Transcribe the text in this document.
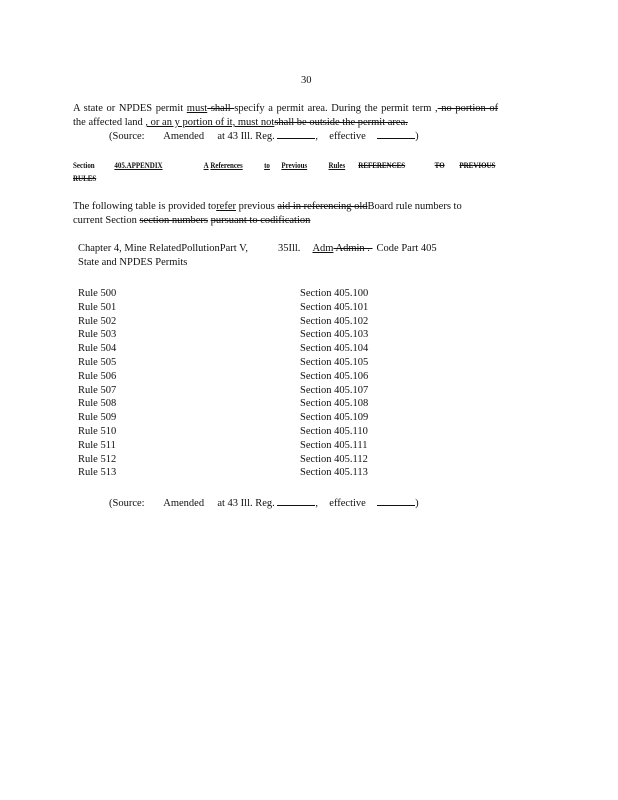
30
A state or NPDES permit must shall specify a permit area. During the permit term , no portion of
the affected land , or an y portion of it, must notshall be outside the permit area.
(Source: Amended at 43 Ill. Reg.	, effective	)
Section 405.APPENDIX	A References	to Previous	Rules REFERENCES	TO PREVIOUS
RULES
The following table is provided torefer previous aid in referencing oldBoard rule numbers to
current Section section numbers pursuant to codification
Chapter 4, Mine RelatedPollutionPart V,	35Ill. Adm Admin . Code Part 405
State and NPDES Permits
Rule 500	Section 405.100
Rule 501	Section 405.101
Rule 502	Section 405.102
Rule 503	Section 405.103
Rule 504	Section 405.104
Rule 505	Section 405.105
Rule 506	Section 405.106
Rule 507	Section 405.107
Rule 508	Section 405.108
Rule 509	Section 405.109
Rule 510	Section 405.110
Rule 511	Section 405.111
Rule 512	Section 405.112
Rule 513	Section 405.113
(Source: Amended at 43 Ill. Reg.	, effective	)
